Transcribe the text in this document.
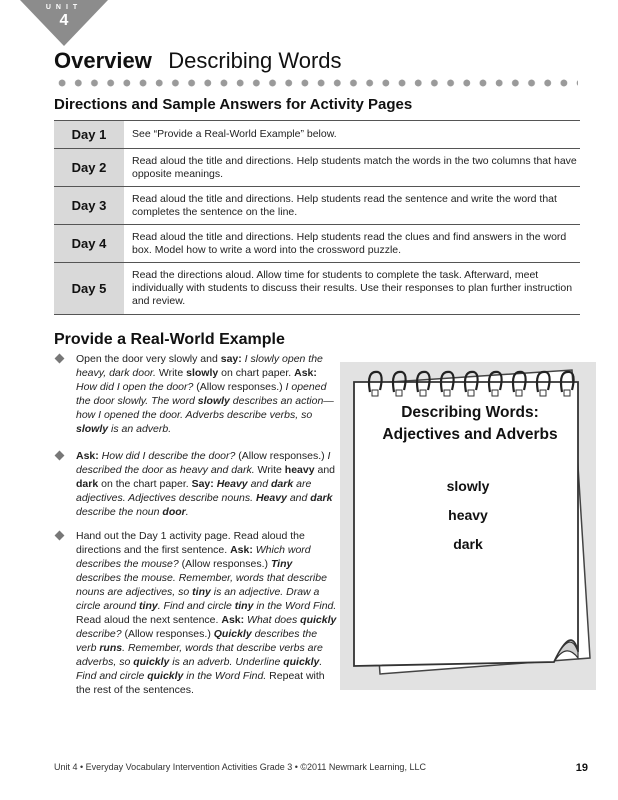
UNIT
4
Overview Describing Words
Directions and Sample Answers for Activity Pages
Day 1	See “Provide a Real-World Example” below.
Day 2	Read aloud the title and directions. Help students match the words in the two columns that have opposite meanings.
Day 3	Read aloud the title and directions. Help students read the sentence and write the word that completes the sentence on the line.
Day 4	Read aloud the title and directions. Help students read the clues and find answers in the word box. Model how to write a word into the crossword puzzle.
Day 5	Read the directions aloud. Allow time for students to complete the task. Afterward, meet individually with students to discuss their results. Use their responses to plan further instruction and review.
Provide a Real-World Example

Open the door very slowly and say: I slowly open the heavy, dark door. Write slowly on chart paper. Ask: How did I open the door? (Allow responses.) I opened the door slowly. The word slowly describes an action—how I opened the door. Adverbs describe verbs, so slowly is an adverb.

Ask: How did I describe the door? (Allow responses.) I described the door as heavy and dark. Write heavy and dark on the chart paper. Say: Heavy and dark are adjectives. Adjectives describe nouns. Heavy and dark describe the noun door.

Hand out the Day 1 activity page. Read aloud the directions and the first sentence. Ask: Which word describes the mouse? (Allow responses.) Tiny describes the mouse. Remember, words that describe nouns are adjectives, so tiny is an adjective. Draw a circle around tiny. Find and circle tiny in the Word Find. Read aloud the next sentence. Ask: What does quickly describe? (Allow responses.) Quickly describes the verb runs. Remember, words that describe verbs are adverbs, so quickly is an adverb. Underline quickly. Find and circle quickly in the Word Find. Repeat with the rest of the sentences.

Describing Words:
Adjectives and Adverbs
slowly
heavy
dark
Unit 4 • Everyday Vocabulary Intervention Activities Grade 3 • ©2011 Newmark Learning, LLC	19
